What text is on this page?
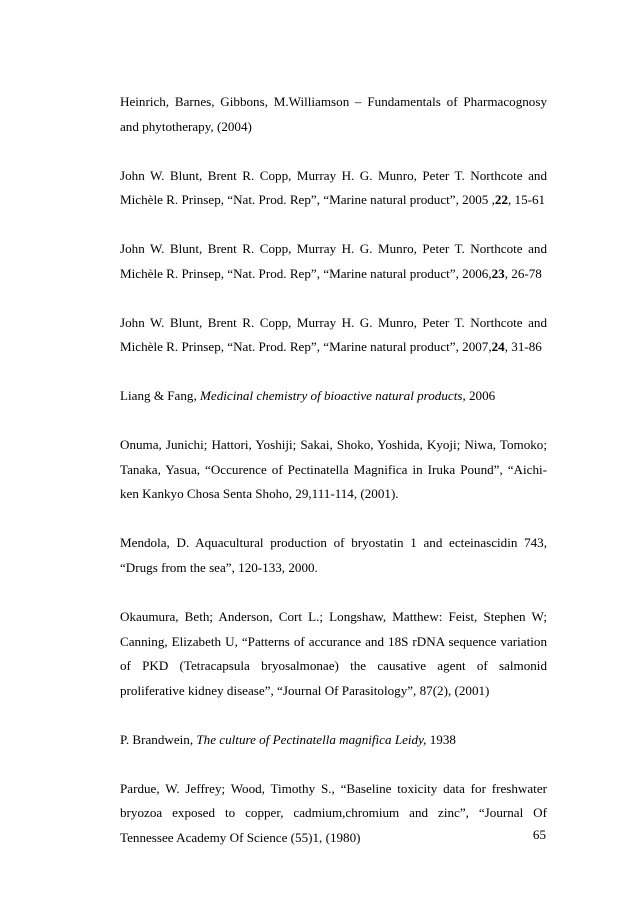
Heinrich, Barnes, Gibbons, M.Williamson – Fundamentals of Pharmacognosy and phytotherapy, (2004)

John W. Blunt, Brent R. Copp, Murray H. G. Munro, Peter T. Northcote and Michèle R. Prinsep, “Nat. Prod. Rep”, “Marine natural product”, 2005 ,22, 15-61

John W. Blunt, Brent R. Copp, Murray H. G. Munro, Peter T. Northcote and Michèle R. Prinsep, “Nat. Prod. Rep”, “Marine natural product”, 2006,23, 26-78

John W. Blunt, Brent R. Copp, Murray H. G. Munro, Peter T. Northcote and Michèle R. Prinsep, “Nat. Prod. Rep”, “Marine natural product”, 2007,24, 31-86

Liang & Fang, Medicinal chemistry of bioactive natural products, 2006

Onuma, Junichi; Hattori, Yoshiji; Sakai, Shoko, Yoshida, Kyoji; Niwa, Tomoko; Tanaka, Yasua, “Occurence of Pectinatella Magnifica in Iruka Pound”, “Aichi-ken Kankyo Chosa Senta Shoho, 29,111-114, (2001).

Mendola, D. Aquacultural production of bryostatin 1 and ecteinascidin 743, “Drugs from the sea”, 120-133, 2000.

Okaumura, Beth; Anderson, Cort L.; Longshaw, Matthew: Feist, Stephen W; Canning, Elizabeth U, “Patterns of accurance and 18S rDNA sequence variation of PKD (Tetracapsula bryosalmonae) the causative agent of salmonid proliferative kidney disease”, “Journal Of Parasitology”, 87(2), (2001)

P. Brandwein, The culture of Pectinatella magnifica Leidy, 1938

Pardue, W. Jeffrey; Wood, Timothy S., “Baseline toxicity data for freshwater bryozoa exposed to copper, cadmium,chromium and zinc”, “Journal Of Tennessee Academy Of Science (55)1, (1980)	65
